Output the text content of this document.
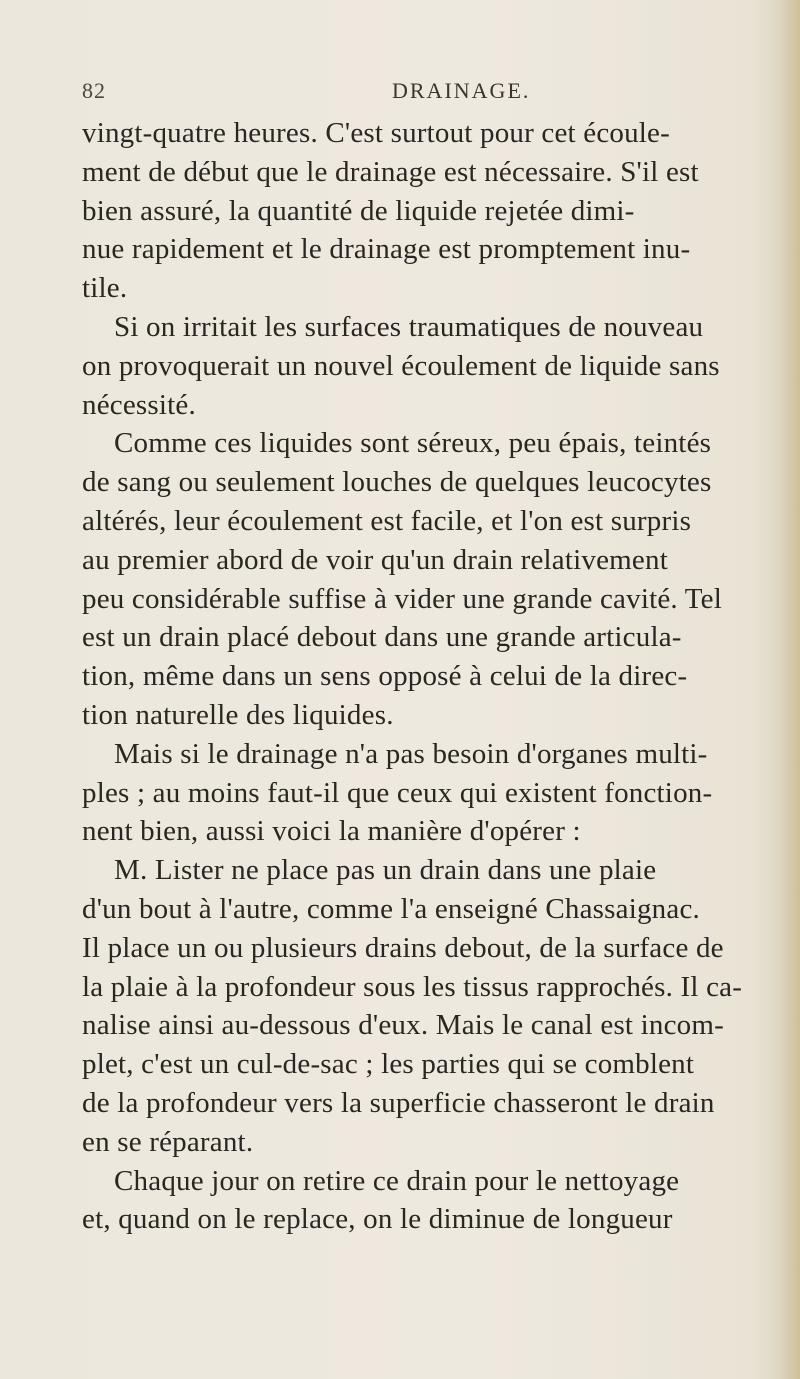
82	DRAINAGE.
vingt-quatre heures. C'est surtout pour cet écoule-
ment de début que le drainage est nécessaire. S'il est
bien assuré, la quantité de liquide rejetée dimi-
nue rapidement et le drainage est promptement inu-
tile.
Si on irritait les surfaces traumatiques de nouveau
on provoquerait un nouvel écoulement de liquide sans
nécessité.
Comme ces liquides sont séreux, peu épais, teintés
de sang ou seulement louches de quelques leucocytes
altérés, leur écoulement est facile, et l'on est surpris
au premier abord de voir qu'un drain relativement
peu considérable suffise à vider une grande cavité. Tel
est un drain placé debout dans une grande articula-
tion, même dans un sens opposé à celui de la direc-
tion naturelle des liquides.
Mais si le drainage n'a pas besoin d'organes multi-
ples ; au moins faut-il que ceux qui existent fonction-
nent bien, aussi voici la manière d'opérer :
M. Lister ne place pas un drain dans une plaie
d'un bout à l'autre, comme l'a enseigné Chassaignac.
Il place un ou plusieurs drains debout, de la surface de
la plaie à la profondeur sous les tissus rapprochés. Il ca-
nalise ainsi au-dessous d'eux. Mais le canal est incom-
plet, c'est un cul-de-sac ; les parties qui se comblent
de la profondeur vers la superficie chasseront le drain
en se réparant.
Chaque jour on retire ce drain pour le nettoyage
et, quand on le replace, on le diminue de longueur
